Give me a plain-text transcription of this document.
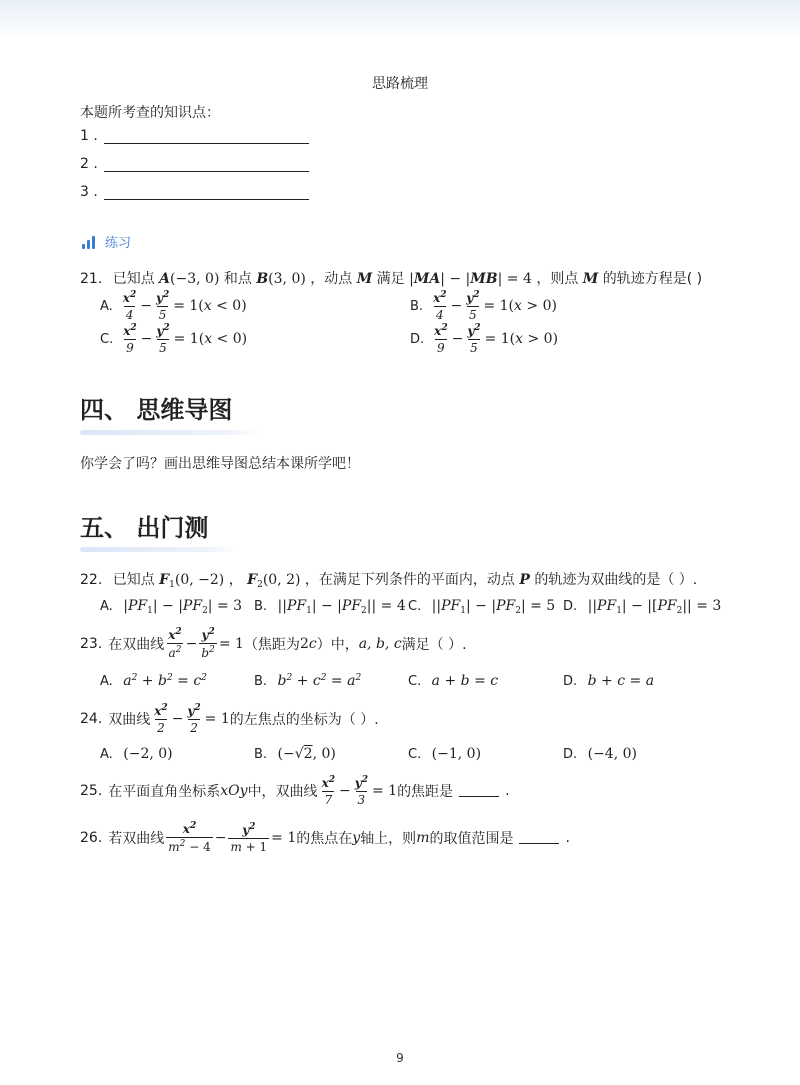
思路梳理
本题所考查的知识点：
1 .
2 .
3 .
练习
21. 已知点 A(−3, 0) 和点 B(3, 0) ，动点 M 满足 |MA| − |MB| = 4 ，则点 M 的轨迹方程是( )
A. $\frac{x^2}{4} - \frac{y^2}{5} = 1(x < 0)$	B. $\frac{x^2}{4} - \frac{y^2}{5} = 1(x > 0)$
C. $\frac{x^2}{9} - \frac{y^2}{5} = 1(x < 0)$	D. $\frac{x^2}{9} - \frac{y^2}{5} = 1(x > 0)$
四、 思维导图
你学会了吗？画出思维导图总结本课所学吧！
五、 出门测
22. 已知点 $F_1(0$, −2) ， $F_2(0$, 2) ，在满足下列条件的平面内，动点 P 的轨迹为双曲线的是（ ）.
A. $|PF_1| - |PF_2| = 3$ B. $||PF_1| - |PF_2|| = 4$ C. $||PF_1| - |PF_2| = 5$ D. $||PF_1| - |[PF_2|| = 3$
23. 在双曲线 $\frac{x^2}{a^2} - \frac{y^2}{b^2} = 1$ （焦距为 2c ）中， a, b, c 满足（ ）.
A. $a^2 + b^2 = c^2$	B. $b^2 + c^2 = a^2$	C. a + b = c	D. b + c = a
24. 双曲线 $\frac{x^2}{2} - \frac{y^2}{2} = 1$ 的左焦点的坐标为（ ）.
A. (−2, 0)	B. (−√2, 0)	C. (−1, 0)	D. (−4, 0)
25. 在平面直角坐标系 xOy 中，双曲线 $\frac{x^2}{7} - \frac{y^2}{3} = 1$ 的焦距是	.
26. 若双曲线 $\frac{x^2}{m^2 - 4} - \frac{y^2}{m + 1} = 1$ 的焦点在 y 轴上，则 m 的取值范围是	.
9
